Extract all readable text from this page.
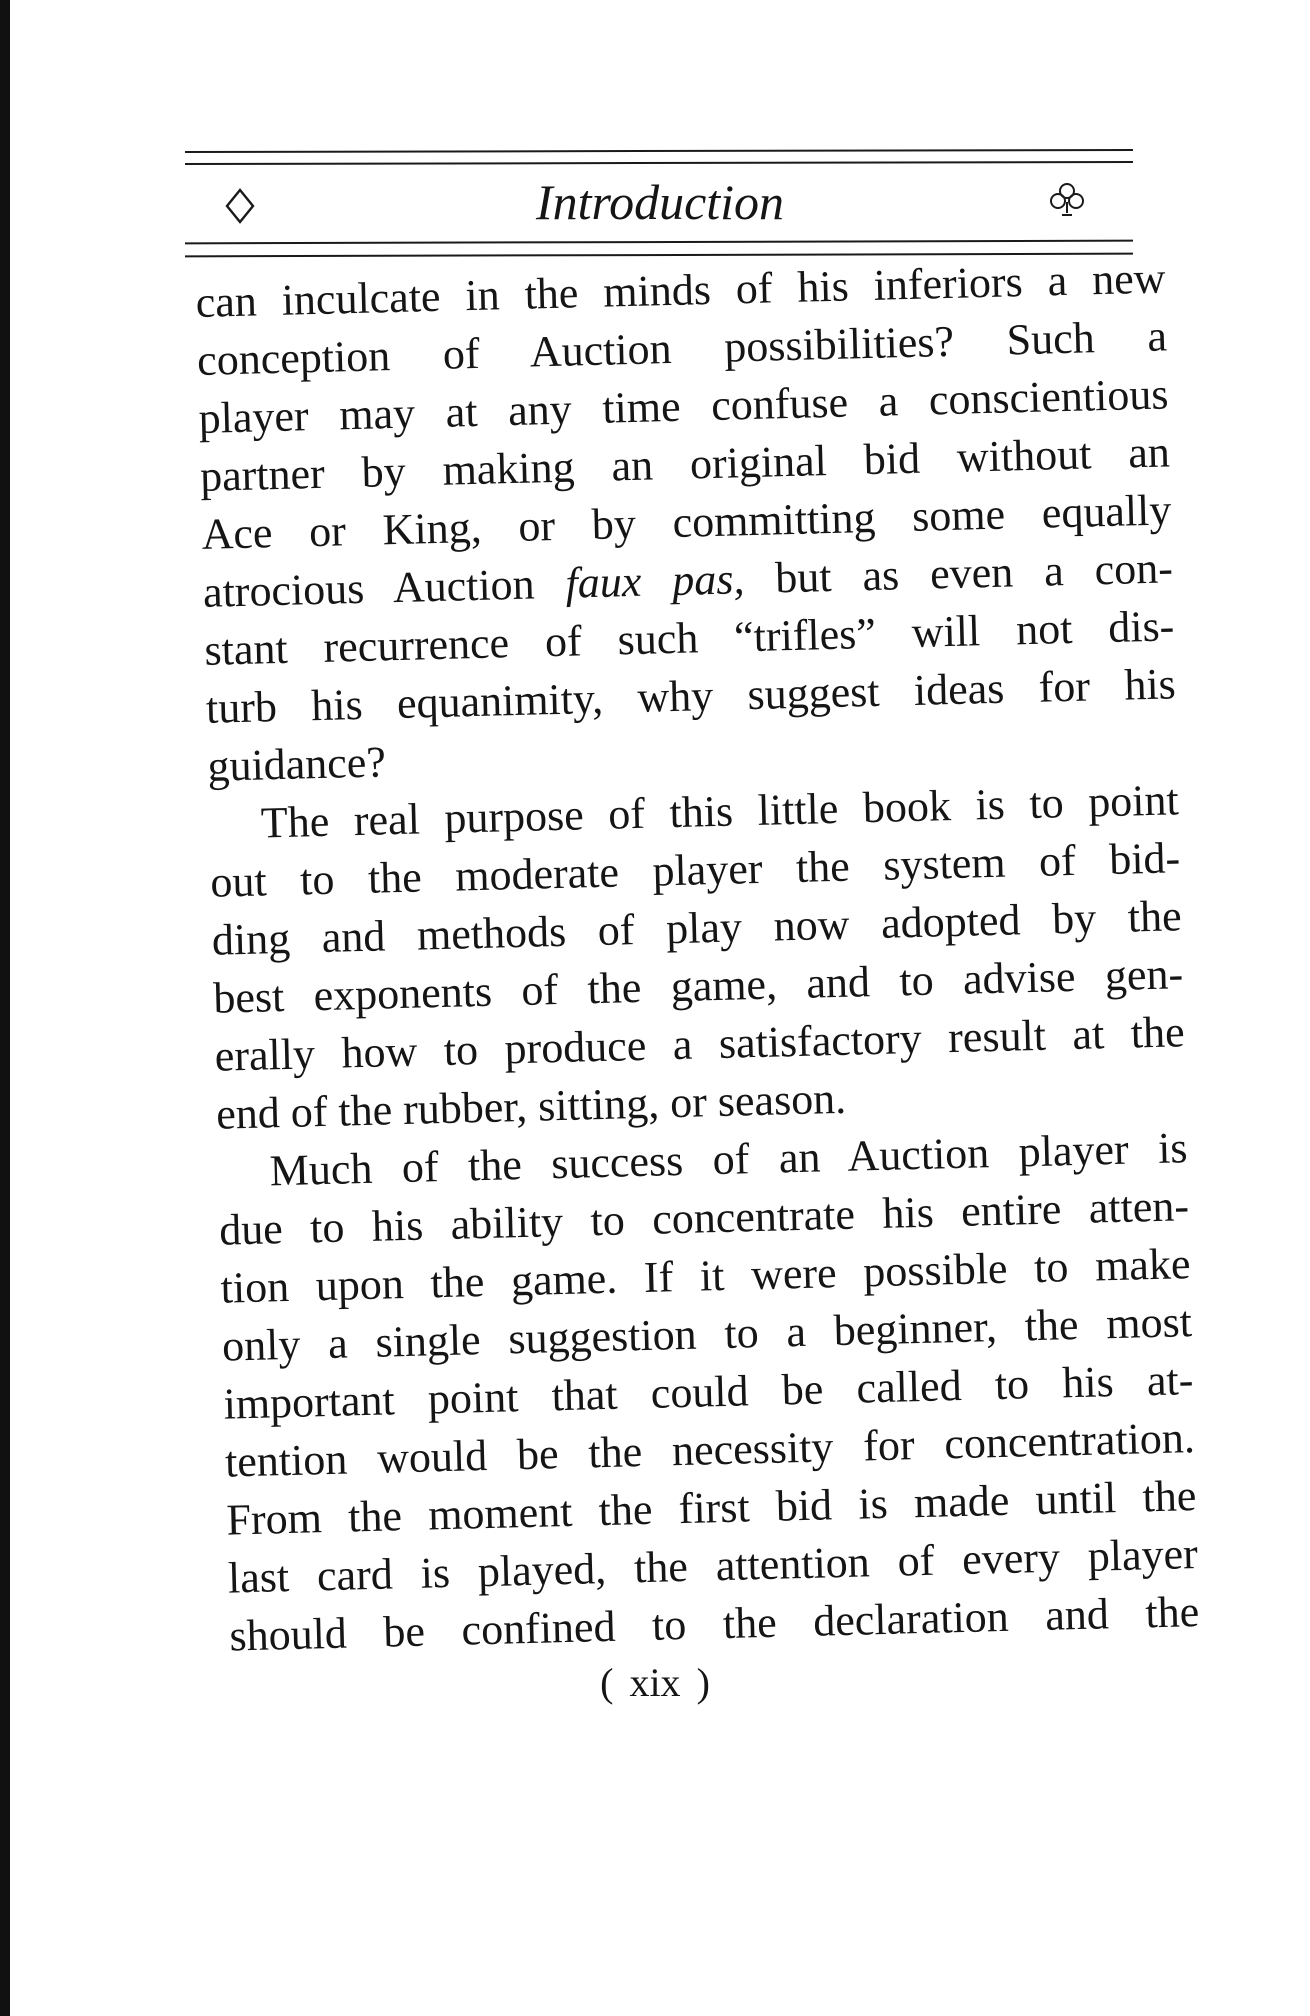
Introduction
can inculcate in the minds of his inferiors a new
conception of Auction possibilities? Such a
player may at any time confuse a conscientious
partner by making an original bid without an
Ace or King, or by committing some equally
atrocious Auction faux pas, but as even a con-
stant recurrence of such “trifles” will not dis-
turb his equanimity, why suggest ideas for his
guidance?
The real purpose of this little book is to point
out to the moderate player the system of bid-
ding and methods of play now adopted by the
best exponents of the game, and to advise gen-
erally how to produce a satisfactory result at the
end of the rubber, sitting, or season.
Much of the success of an Auction player is
due to his ability to concentrate his entire atten-
tion upon the game. If it were possible to make
only a single suggestion to a beginner, the most
important point that could be called to his at-
tention would be the necessity for concentration.
From the moment the first bid is made until the
last card is played, the attention of every player
should be confined to the declaration and the
( xix )
